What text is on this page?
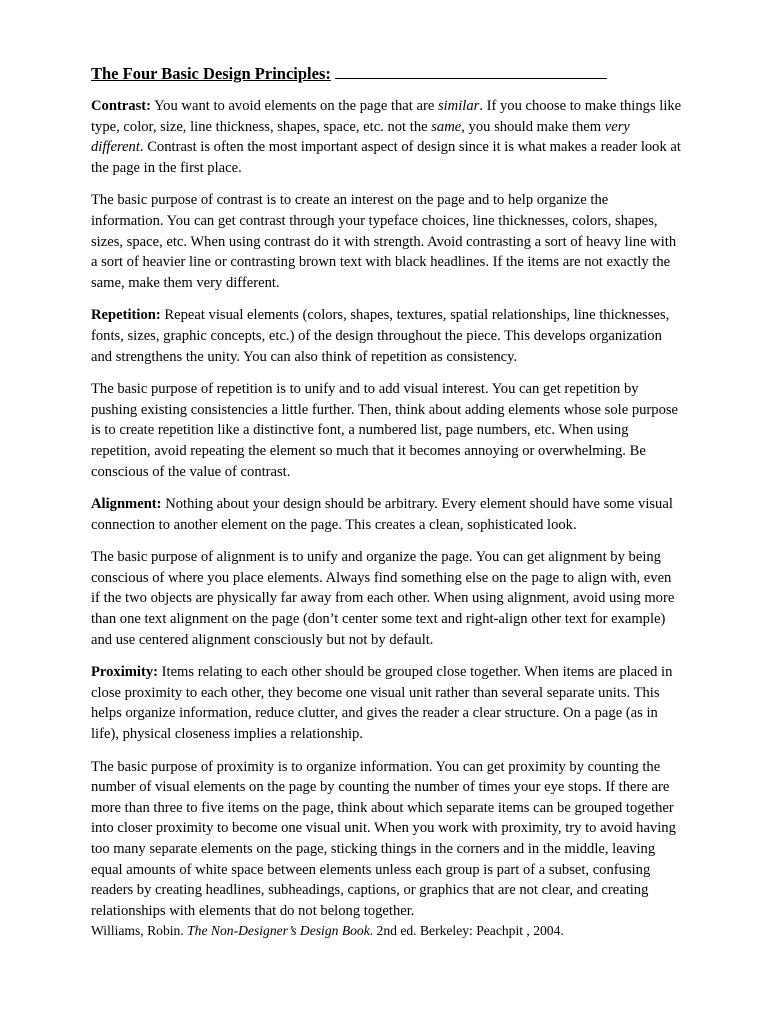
The Four Basic Design Principles:

Contrast: You want to avoid elements on the page that are similar. If you choose to make things like type, color, size, line thickness, shapes, space, etc. not the same, you should make them very different. Contrast is often the most important aspect of design since it is what makes a reader look at the page in the first place.

The basic purpose of contrast is to create an interest on the page and to help organize the information. You can get contrast through your typeface choices, line thicknesses, colors, shapes, sizes, space, etc. When using contrast do it with strength. Avoid contrasting a sort of heavy line with a sort of heavier line or contrasting brown text with black headlines. If the items are not exactly the same, make them very different.

Repetition: Repeat visual elements (colors, shapes, textures, spatial relationships, line thicknesses, fonts, sizes, graphic concepts, etc.) of the design throughout the piece. This develops organization and strengthens the unity. You can also think of repetition as consistency.

The basic purpose of repetition is to unify and to add visual interest. You can get repetition by pushing existing consistencies a little further. Then, think about adding elements whose sole purpose is to create repetition like a distinctive font, a numbered list, page numbers, etc. When using repetition, avoid repeating the element so much that it becomes annoying or overwhelming. Be conscious of the value of contrast.

Alignment: Nothing about your design should be arbitrary. Every element should have some visual connection to another element on the page. This creates a clean, sophisticated look.

The basic purpose of alignment is to unify and organize the page. You can get alignment by being conscious of where you place elements. Always find something else on the page to align with, even if the two objects are physically far away from each other. When using alignment, avoid using more than one text alignment on the page (don’t center some text and right-align other text for example) and use centered alignment consciously but not by default.

Proximity: Items relating to each other should be grouped close together. When items are placed in close proximity to each other, they become one visual unit rather than several separate units. This helps organize information, reduce clutter, and gives the reader a clear structure. On a page (as in life), physical closeness implies a relationship.

The basic purpose of proximity is to organize information. You can get proximity by counting the number of visual elements on the page by counting the number of times your eye stops. If there are more than three to five items on the page, think about which separate items can be grouped together into closer proximity to become one visual unit. When you work with proximity, try to avoid having too many separate elements on the page, sticking things in the corners and in the middle, leaving equal amounts of white space between elements unless each group is part of a subset, confusing readers by creating headlines, subheadings, captions, or graphics that are not clear, and creating relationships with elements that do not belong together.

Williams, Robin. The Non-Designer’s Design Book. 2nd ed. Berkeley: Peachpit , 2004.
